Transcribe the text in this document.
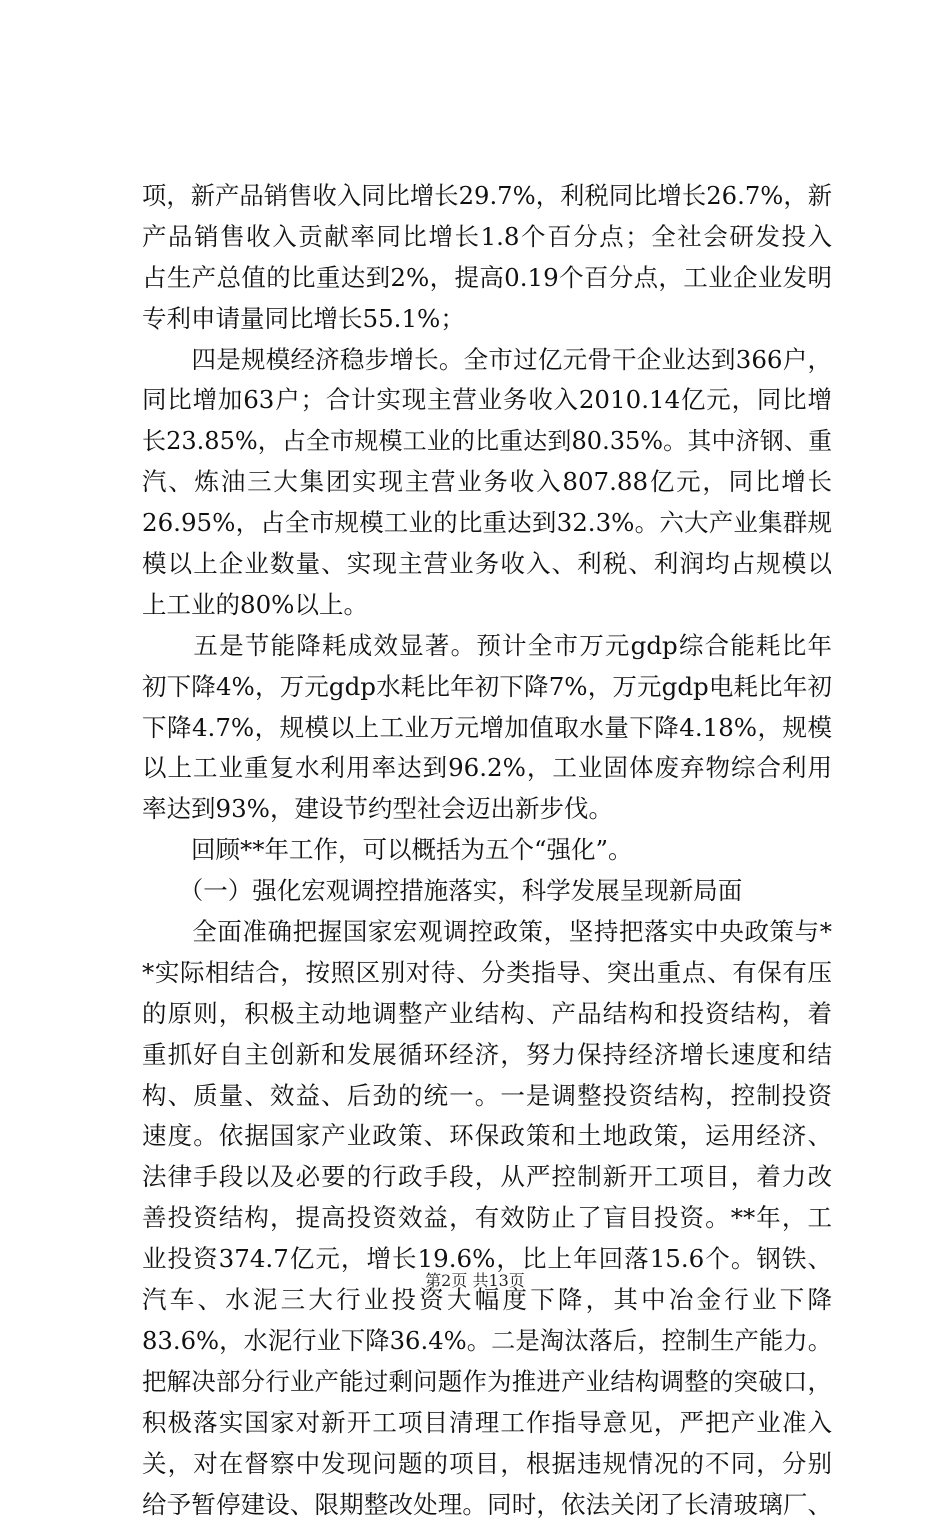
项，新产品销售收入同比增长29.7%，利税同比增长26.7%，新
产品销售收入贡献率同比增长1.8个百分点；全社会研发投入
占生产总值的比重达到2%，提高0.19个百分点，工业企业发明
专利申请量同比增长55.1%；
　　四是规模经济稳步增长。全市过亿元骨干企业达到366户，
同比增加63户；合计实现主营业务收入2010.14亿元，同比增
长23.85%，占全市规模工业的比重达到80.35%。其中济钢、重
汽、炼油三大集团实现主营业务收入807.88亿元，同比增长
26.95%，占全市规模工业的比重达到32.3%。六大产业集群规
模以上企业数量、实现主营业务收入、利税、利润均占规模以
上工业的80%以上。
　　五是节能降耗成效显著。预计全市万元gdp综合能耗比年
初下降4%，万元gdp水耗比年初下降7%，万元gdp电耗比年初
下降4.7%，规模以上工业万元增加值取水量下降4.18%，规模
以上工业重复水利用率达到96.2%，工业固体废弃物综合利用
率达到93%，建设节约型社会迈出新步伐。
　　回顾**年工作，可以概括为五个“强化”。
　　（一）强化宏观调控措施落实，科学发展呈现新局面
　　全面准确把握国家宏观调控政策，坚持把落实中央政策与*
*实际相结合，按照区别对待、分类指导、突出重点、有保有压
的原则，积极主动地调整产业结构、产品结构和投资结构，着
重抓好自主创新和发展循环经济，努力保持经济增长速度和结
构、质量、效益、后劲的统一。一是调整投资结构，控制投资
速度。依据国家产业政策、环保政策和土地政策，运用经济、
法律手段以及必要的行政手段，从严控制新开工项目，着力改
善投资结构，提高投资效益，有效防止了盲目投资。**年，工
业投资374.7亿元，增长19.6%，比上年回落15.6个。钢铁、
汽车、水泥三大行业投资大幅度下降，其中冶金行业下降
83.6%，水泥行业下降36.4%。二是淘汰落后，控制生产能力。
把解决部分行业产能过剩问题作为推进产业结构调整的突破口，
积极落实国家对新开工项目清理工作指导意见，严把产业准入
关，对在督察中发现问题的项目，根据违规情况的不同，分别
给予暂停建设、限期整改处理。同时，依法关闭了长清玻璃厂、
第2页 共13页
